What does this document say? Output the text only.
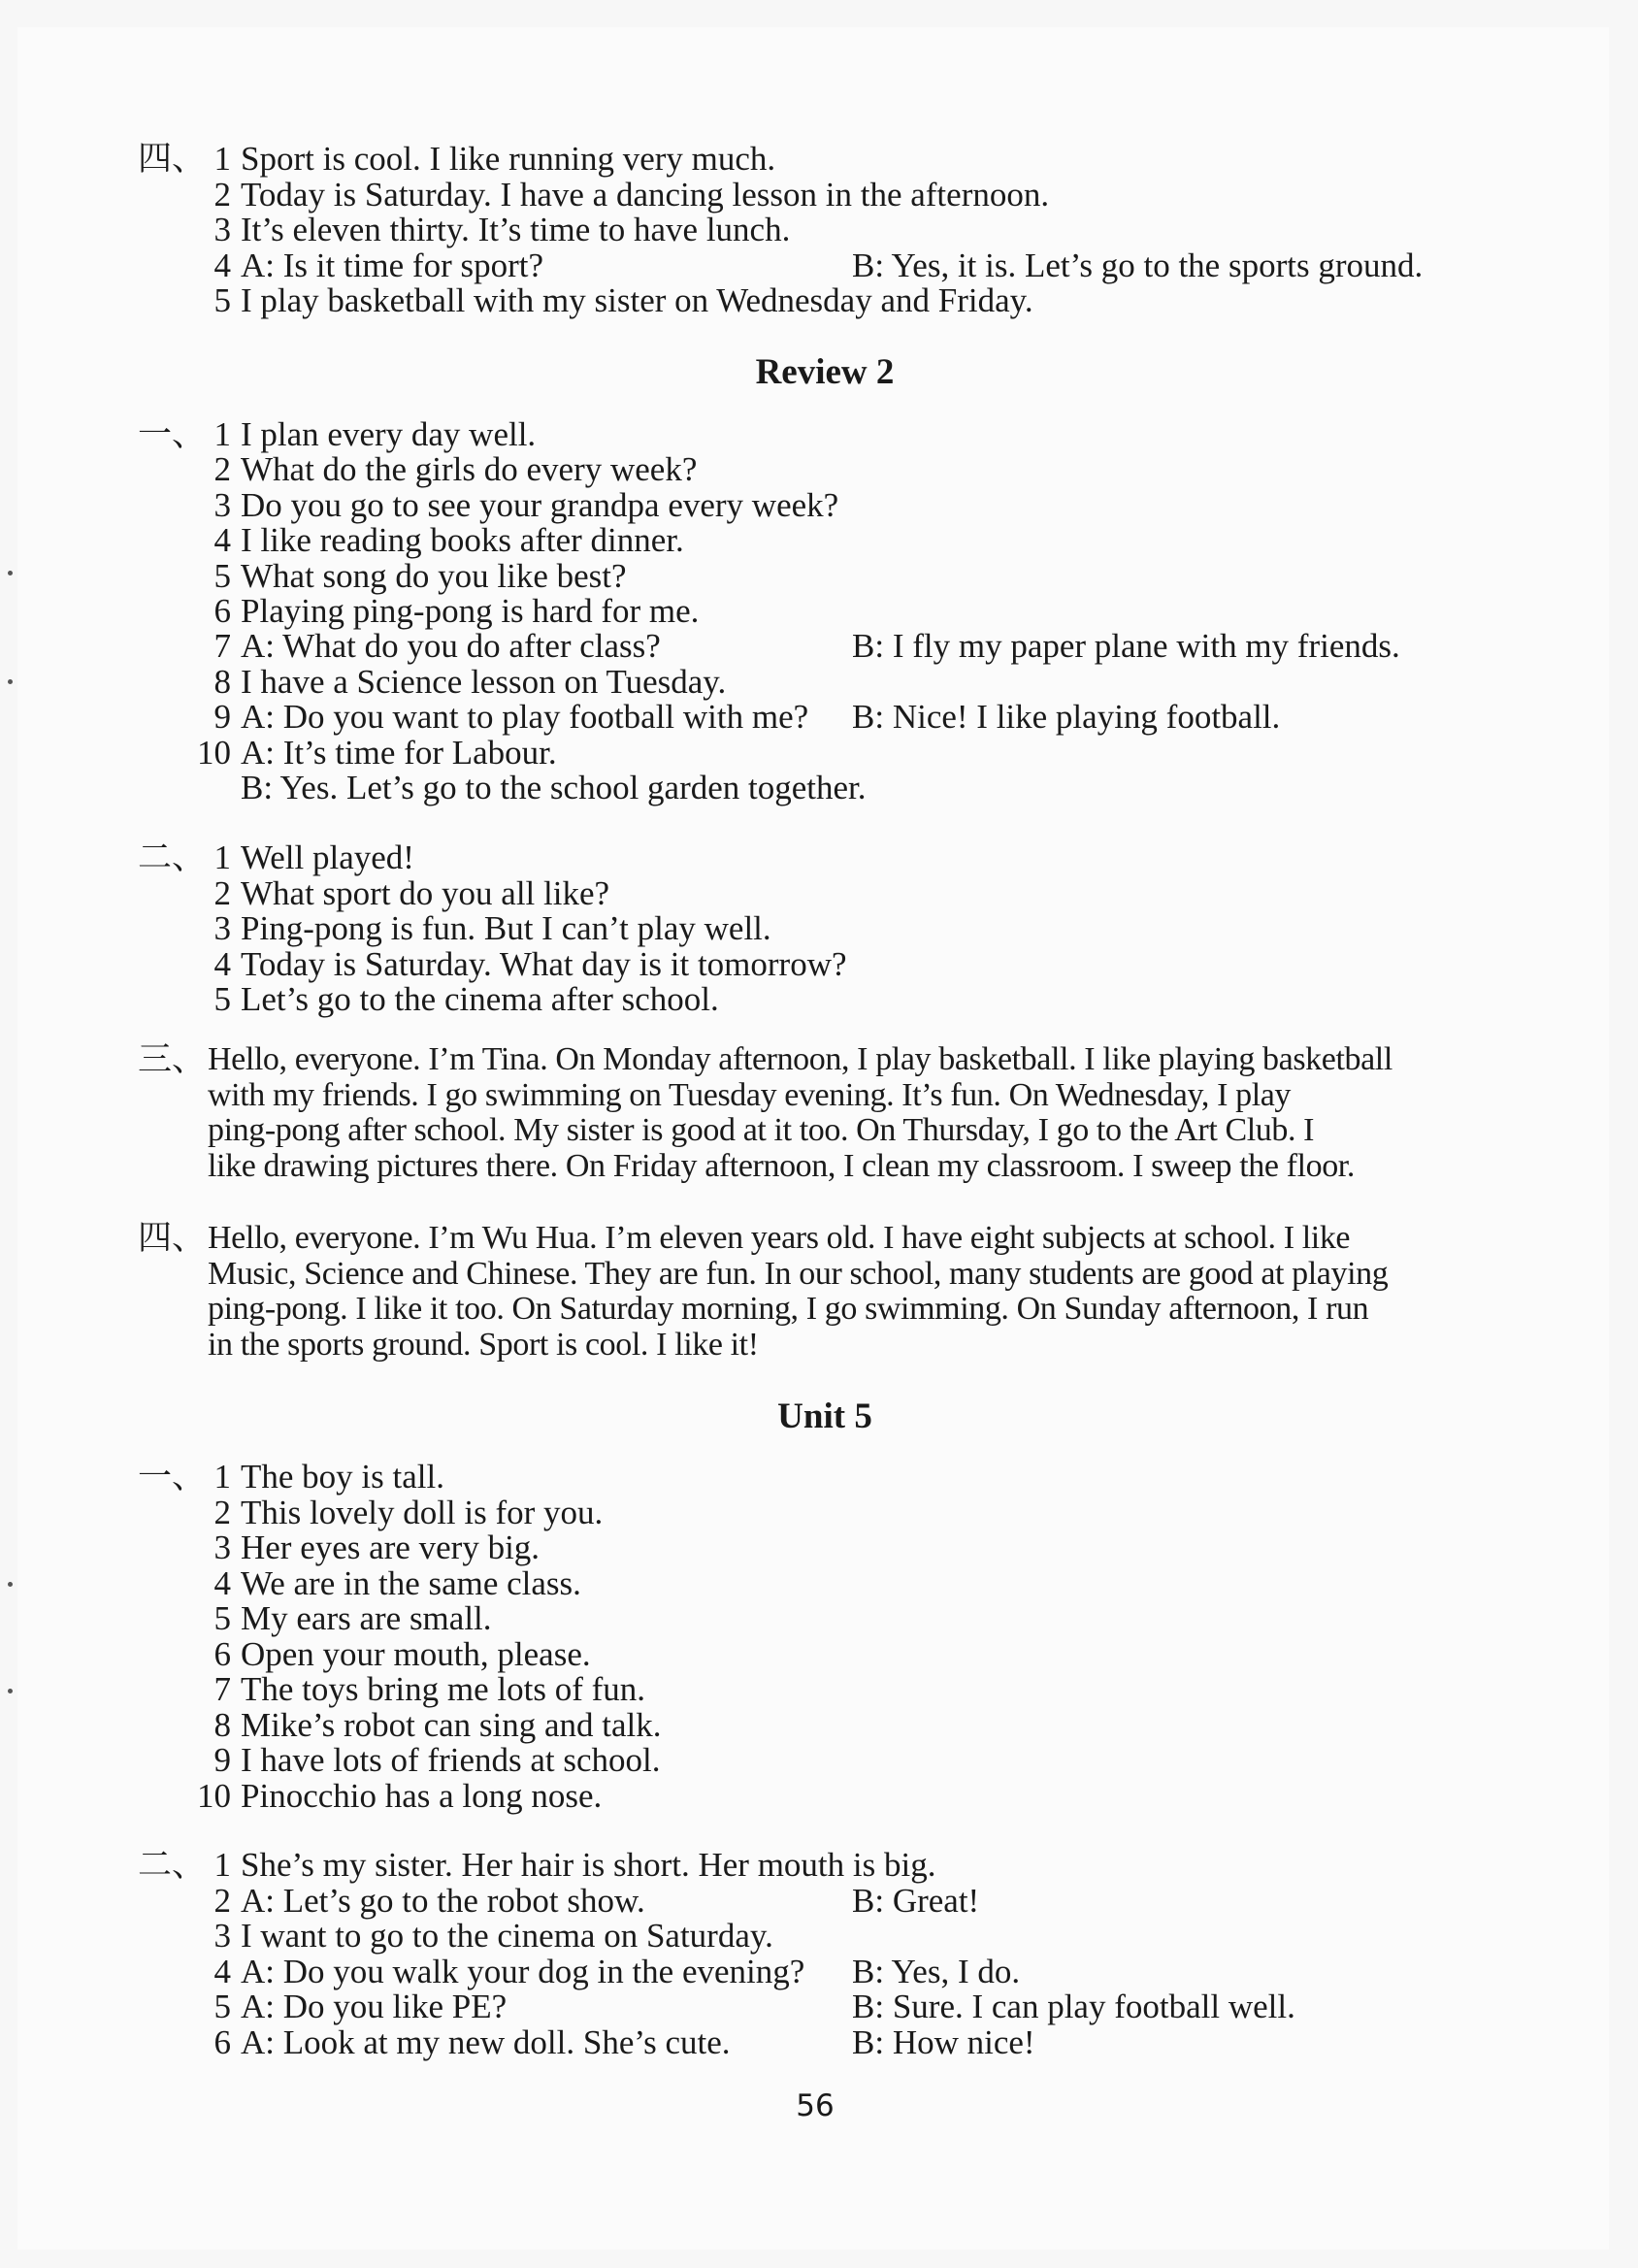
四、 1 Sport is cool. I like running very much.
2 Today is Saturday. I have a dancing lesson in the afternoon.
3 It’s eleven thirty. It’s time to have lunch.
4 A: Is it time for sport?	B: Yes, it is. Let’s go to the sports ground.
5 I play basketball with my sister on Wednesday and Friday.
Review 2
一、 1 I plan every day well.
2 What do the girls do every week?
3 Do you go to see your grandpa every week?
4 I like reading books after dinner.
5 What song do you like best?
6 Playing ping-pong is hard for me.
7 A: What do you do after class?	B: I fly my paper plane with my friends.
8 I have a Science lesson on Tuesday.
9 A: Do you want to play football with me? B: Nice! I like playing football.
10 A: It’s time for Labour.
B: Yes. Let’s go to the school garden together.
二、 1 Well played!
2 What sport do you all like?
3 Ping-pong is fun. But I can’t play well.
4 Today is Saturday. What day is it tomorrow?
5 Let’s go to the cinema after school.
三、 Hello, everyone. I’m Tina. On Monday afternoon, I play basketball. I like playing basketball
with my friends. I go swimming on Tuesday evening. It’s fun. On Wednesday, I play
ping-pong after school. My sister is good at it too. On Thursday, I go to the Art Club. I
like drawing pictures there. On Friday afternoon, I clean my classroom. I sweep the floor.
四、 Hello, everyone. I’m Wu Hua. I’m eleven years old. I have eight subjects at school. I like
Music, Science and Chinese. They are fun. In our school, many students are good at playing
ping-pong. I like it too. On Saturday morning, I go swimming. On Sunday afternoon, I run
in the sports ground. Sport is cool. I like it!
Unit 5
一、 1 The boy is tall.
2 This lovely doll is for you.
3 Her eyes are very big.
4 We are in the same class.
5 My ears are small.
6 Open your mouth, please.
7 The toys bring me lots of fun.
8 Mike’s robot can sing and talk.
9 I have lots of friends at school.
10 Pinocchio has a long nose.
二、 1 She’s my sister. Her hair is short. Her mouth is big.
2 A: Let’s go to the robot show.	B: Great!
3 I want to go to the cinema on Saturday.
4 A: Do you walk your dog in the evening? B: Yes, I do.
5 A: Do you like PE?	B: Sure. I can play football well.
6 A: Look at my new doll. She’s cute.	B: How nice!
56
